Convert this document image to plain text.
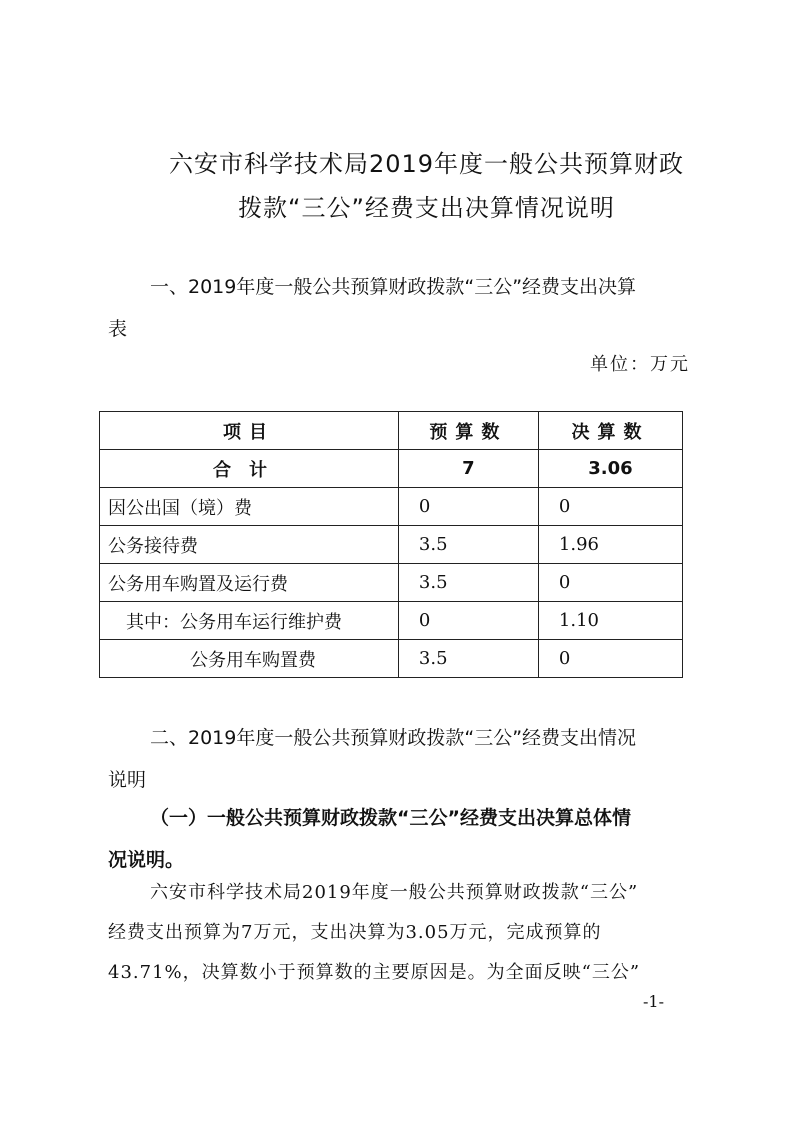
六安市科学技术局2019年度一般公共预算财政
拨款“三公”经费支出决算情况说明
一、2019年度一般公共预算财政拨款“三公”经费支出决算
表
单位：万元
项目	预算数	决算数
合计	7	3.06
因公出国（境）费	0	0
公务接待费	3.5	1.96
公务用车购置及运行费	3.5	0
其中：公务用车运行维护费	0	1.10
公务用车购置费	3.5	0
二、2019年度一般公共预算财政拨款“三公”经费支出情况
说明
（一）一般公共预算财政拨款“三公”经费支出决算总体情
况说明。
六安市科学技术局2019年度一般公共预算财政拨款“三公”
经费支出预算为7万元，支出决算为3.05万元，完成预算的
43.71%，决算数小于预算数的主要原因是。为全面反映“三公”
-1-
